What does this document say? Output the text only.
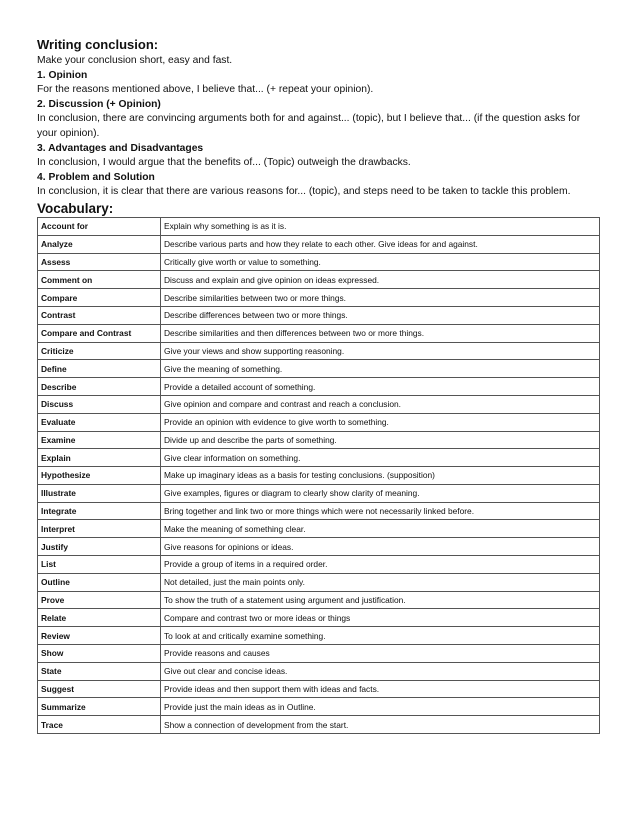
Writing conclusion:
Make your conclusion short, easy and fast.
1. Opinion
For the reasons mentioned above, I believe that... (+ repeat your opinion).
2. Discussion (+ Opinion)
In conclusion, there are convincing arguments both for and against... (topic), but I believe that... (if the question asks for
your opinion).
3. Advantages and Disadvantages
In conclusion, I would argue that the benefits of... (Topic) outweigh the drawbacks.
4. Problem and Solution
In conclusion, it is clear that there are various reasons for... (topic), and steps need to be taken to tackle this problem.
Vocabulary:
Account for	Explain why something is as it is.
Analyze	Describe various parts and how they relate to each other. Give ideas for and against.
Assess	Critically give worth or value to something.
Comment on	Discuss and explain and give opinion on ideas expressed.
Compare	Describe similarities between two or more things.
Contrast	Describe differences between two or more things.
Compare and Contrast	Describe similarities and then differences between two or more things.
Criticize	Give your views and show supporting reasoning.
Define	Give the meaning of something.
Describe	Provide a detailed account of something.
Discuss	Give opinion and compare and contrast and reach a conclusion.
Evaluate	Provide an opinion with evidence to give worth to something.
Examine	Divide up and describe the parts of something.
Explain	Give clear information on something.
Hypothesize	Make up imaginary ideas as a basis for testing conclusions. (supposition)
Illustrate	Give examples, figures or diagram to clearly show clarity of meaning.
Integrate	Bring together and link two or more things which were not necessarily linked before.
Interpret	Make the meaning of something clear.
Justify	Give reasons for opinions or ideas.
List	Provide a group of items in a required order.
Outline	Not detailed, just the main points only.
Prove	To show the truth of a statement using argument and justification.
Relate	Compare and contrast two or more ideas or things
Review	To look at and critically examine something.
Show	Provide reasons and causes
State	Give out clear and concise ideas.
Suggest	Provide ideas and then support them with ideas and facts.
Summarize	Provide just the main ideas as in Outline.
Trace	Show a connection of development from the start.
